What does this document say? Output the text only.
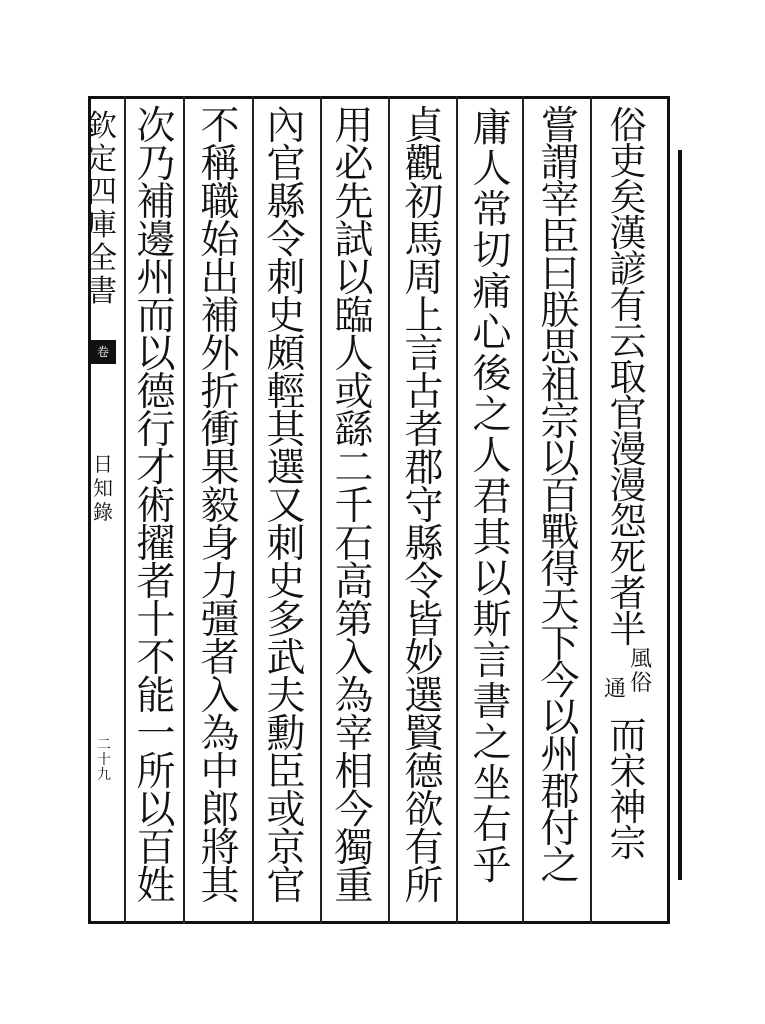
欽
定
四
庫
全
書
卷
日
知
錄
二
十
九
俗
吏
矣
漢
諺
有
云
取
官
漫
漫
怨
死
者
半
通
風
俗
而
宋
神
宗
嘗
謂
宰
臣
曰
朕
思
祖
宗
以
百
戰
得
天
下
今
以
州
郡
付
之
庸
人
常
切
痛
心
後
之
人
君
其
以
斯
言
書
之
坐
右
乎
貞
觀
初
馬
周
上
言
古
者
郡
守
縣
令
皆
妙
選
賢
德
欲
有
所
用
必
先
試
以
臨
人
或
繇
二
千
石
高
第
入
為
宰
相
今
獨
重
內
官
縣
令
刺
史
頗
輕
其
選
又
刺
史
多
武
夫
勳
臣
或
京
官
不
稱
職
始
出
補
外
折
衝
果
毅
身
力
彊
者
入
為
中
郎
將
其
次
乃
補
邊
州
而
以
德
行
才
術
擢
者
十
不
能
一
所
以
百
姓
